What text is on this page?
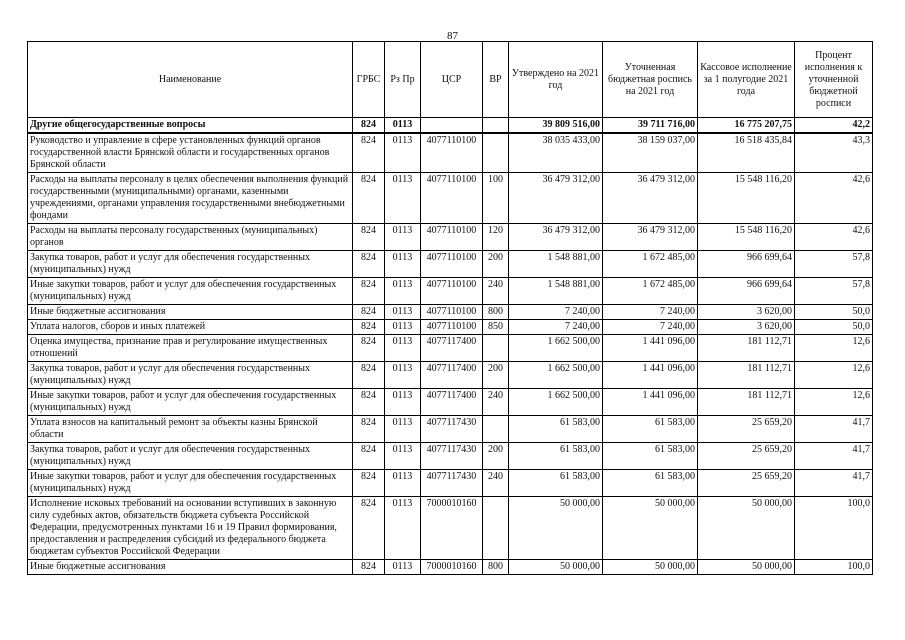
87
Наименование	ГРБС	Рз Пр	ЦСР	ВР	Утверждено на 2021 год	Уточненная бюджетная роспись на 2021 год	Кассовое исполнение за 1 полугодие 2021 года	Процент исполнения к уточненной бюджетной росписи
Другие общегосударственные вопросы	824	0113			39 809 516,00	39 711 716,00	16 775 207,75	42,2
Руководство и управление в сфере установленных функций органов государственной власти Брянской области и государственных органов Брянской области	824	0113	4077110100		38 035 433,00	38 159 037,00	16 518 435,84	43,3
Расходы на выплаты персоналу в целях обеспечения выполнения функций государственными (муниципальными) органами, казенными учреждениями, органами управления государственными внебюджетными фондами	824	0113	4077110100	100	36 479 312,00	36 479 312,00	15 548 116,20	42,6
Расходы на выплаты персоналу государственных (муниципальных) органов	824	0113	4077110100	120	36 479 312,00	36 479 312,00	15 548 116,20	42,6
Закупка товаров, работ и услуг для обеспечения государственных (муниципальных) нужд	824	0113	4077110100	200	1 548 881,00	1 672 485,00	966 699,64	57,8
Иные закупки товаров, работ и услуг для обеспечения государственных (муниципальных) нужд	824	0113	4077110100	240	1 548 881,00	1 672 485,00	966 699,64	57,8
Иные бюджетные ассигнования	824	0113	4077110100	800	7 240,00	7 240,00	3 620,00	50,0
Уплата налогов, сборов и иных платежей	824	0113	4077110100	850	7 240,00	7 240,00	3 620,00	50,0
Оценка имущества, признание прав и регулирование имущественных отношений	824	0113	4077117400		1 662 500,00	1 441 096,00	181 112,71	12,6
Закупка товаров, работ и услуг для обеспечения государственных (муниципальных) нужд	824	0113	4077117400	200	1 662 500,00	1 441 096,00	181 112,71	12,6
Иные закупки товаров, работ и услуг для обеспечения государственных (муниципальных) нужд	824	0113	4077117400	240	1 662 500,00	1 441 096,00	181 112,71	12,6
Уплата взносов на капитальный ремонт за объекты казны Брянской области	824	0113	4077117430		61 583,00	61 583,00	25 659,20	41,7
Закупка товаров, работ и услуг для обеспечения государственных (муниципальных) нужд	824	0113	4077117430	200	61 583,00	61 583,00	25 659,20	41,7
Иные закупки товаров, работ и услуг для обеспечения государственных (муниципальных) нужд	824	0113	4077117430	240	61 583,00	61 583,00	25 659,20	41,7
Исполнение исковых требований на основании вступивших в законную силу судебных актов, обязательств бюджета субъекта Российской Федерации, предусмотренных пунктами 16 и 19 Правил формирования, предоставления и распределения субсидий из федерального бюджета бюджетам субъектов Российской Федерации	824	0113	7000010160		50 000,00	50 000,00	50 000,00	100,0
Иные бюджетные ассигнования	824	0113	7000010160	800	50 000,00	50 000,00	50 000,00	100,0
